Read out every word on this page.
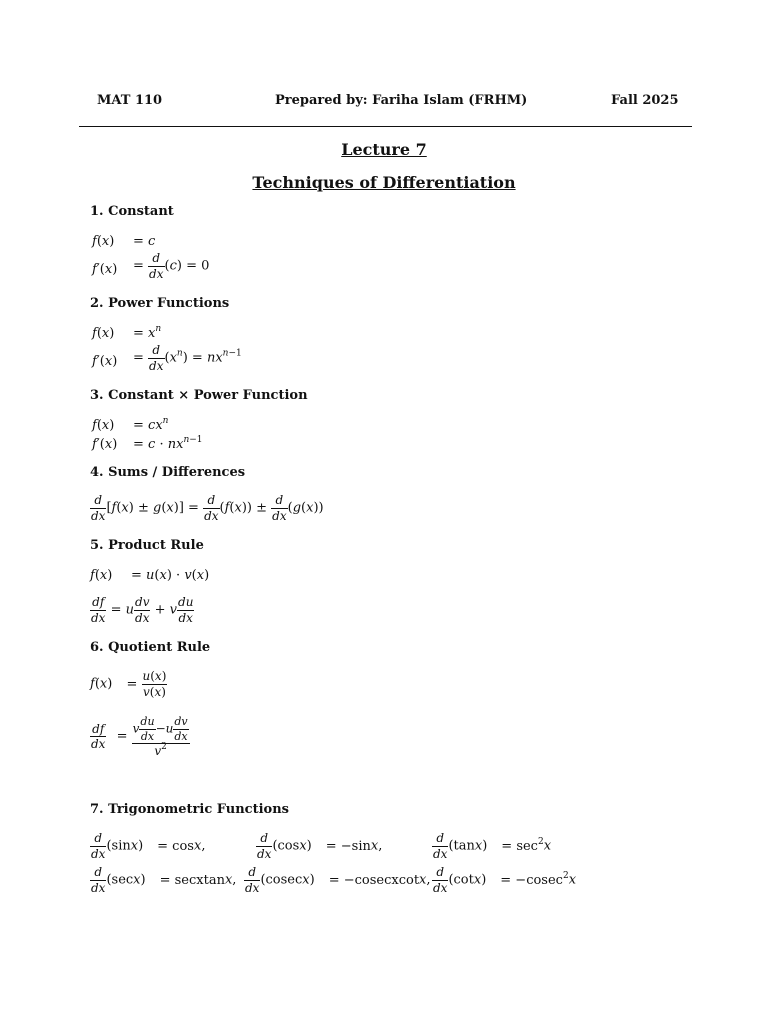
MAT 110	Prepared by: Fariha Islam (FRHM)	Fall 2025
Lecture 7
Techniques of Differentiation
1. Constant
f(x) = c
$f'(x) = \frac{d}{dx} (c) = 0$
2. Power Functions
$f(x) = x^n$
$f'(x) = \frac{d}{dx} (x^n) = nx^{n-1}$
3. Constant × Power Function
$f(x) = cx^n$
$f'(x) = c \cdot nx^{n-1}$
4. Sums / Differences
$\frac{d}{dx} [f(x) \pm g(x)] = \frac{d}{dx} (f(x)) \pm \frac{d}{dx} (g(x))$
5. Product Rule
f(x) = u(x) · v(x)
$\frac{df}{dx} = u \frac{dv}{dx} + v \frac{du}{dx}$
6. Quotient Rule
$f(x) = \frac{u(x)}{v(x)}$
$\frac{df}{dx} = \frac{v \frac{du}{dx} -u \frac{dv}{dx}}{v^2}$
7. Trigonometric Functions
$\frac{d}{dx} (\sin x) = \cos x$,	$\frac{d}{dx} (\cos x) = -\sin x$,	$\frac{d}{dx} (\tan x) = \sec^2x$
$\frac{d}{dx} (\sec x)$ = secxtanx, $\frac{d}{dx} (cosecx)$ = −cosecxcotx, $\frac{d}{dx} (\cot x) = -cosec^2x$
